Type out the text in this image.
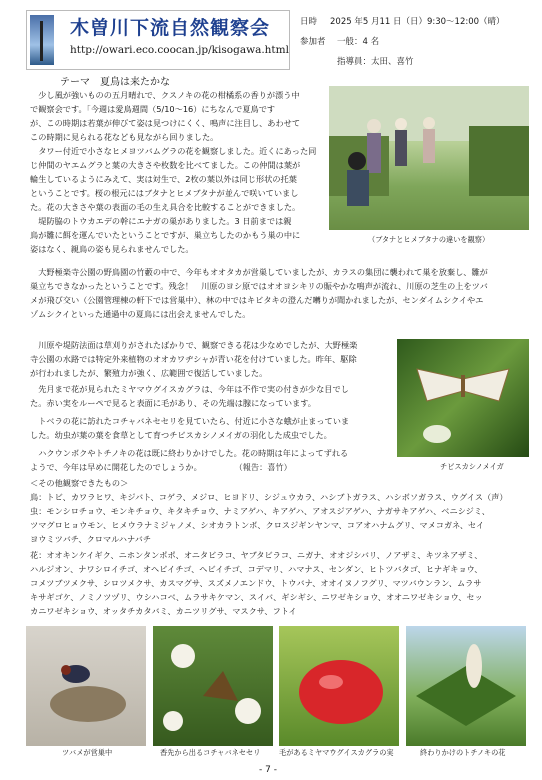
木曽川下流自然観察会
http://owari.eco.coocan.jp/kisogawa.html
日時 2025 年5 月11 日（日）9:30～12:00（晴）
参加者 一般：4 名
指導員：太田、喜竹
テーマ　夏鳥は来たかな
（ブタナとヒメブタナの違いを観察）
　少し風が強いものの五月晴れで、クスノキの花の柑橘系の香りが漂う中
で観察会です。「今週は愛鳥週間（5/10～16）にちなんで夏鳥です
が、この時期は若葉が伸びて姿は見つけにくく、鳴声に注目し、あわせて
この時期に見られる花なども見ながら回りました。
　タワー付近で小さなヒメヨツバムグラの花を観察しました。近くにあった同
じ仲間のヤエムグラと葉の大きさや枚数を比べてました。この仲間は葉が
輪生しているようにみえて、実は対生で、2枚の葉以外は同じ形状の托葉
ということです。桜の根元にはブタナとヒメブタナが並んで咲いていまし
た。花の大きさや葉の表面の毛の生え具合を比較することができました。
　堤防脇のトウカエデの幹にエナガの巣がありました。3 日前までは親
鳥が雛に餌を運んでいたということですが、巣立ちしたのかもう巣の中に
姿はなく、親鳥の姿も見られませんでした。
　大野極楽寺公園の野鳥園の竹藪の中で、今年もオオタカが営巣していましたが、カラスの集団に襲われて巣を放棄し、雛が
巣立ちできなかったということです。残念！　川原のヨシ原ではオオヨシキリの賑やかな鳴声が流れ、川原の芝生の上をツバ
メが飛び交い（公園管理棟の軒下では営巣中）、林の中ではキビタキの澄んだ囀りが聞かれましたが、センダイムシクイやエ
ゾムシクイといった通過中の夏鳥には出会えませんでした。
チビスカシノメイガ
　川原や堤防法面は草刈りがされたばかりで、観察できる花は少なめでしたが、大野極楽
寺公園の水路では特定外来植物のオオカワヂシャが青い花を付けていました。昨年、駆除
が行われましたが、繁殖力が強く、広範囲で復活していました。
　先月まで花が見られたミヤマウグイスカグラは、今年は不作で実の付きが少な目でし
た。赤い実をルーペで見ると表面に毛があり、その先端は腺になっています。
　トベラの花に訪れたコチャバネセセリを見ていたら、付近に小さな蛾が止まっていま
した。幼虫が葉の葉を食草として育つチビスカシノメイガの羽化した成虫でした。
　ハクウンボクやトチノキの花は既に終わりかけでした。花の時期は年によってずれる
ようで、今年は早めに開花したのでしょうか。　　　　　（報告：喜竹）
＜その他観察できたもの＞
鳥：トビ、カワラヒワ、キジバト、コゲラ、メジロ、ヒヨドリ、シジュウカラ、ハシブトガラス、ハシボソガラス、ウグイス（声）
虫：モンシロチョウ、モンキチョウ、キタキチョウ、ナミアゲハ、キアゲハ、アオスジアゲハ、ナガサキアゲハ、ベニシジミ、
ツマグロヒョウモン、ヒメウラナミジャノメ、シオカラトンボ、クロスジギンヤンマ、コアオハナムグリ、マメコガネ、セイ
ヨウミツバチ、クロマルハナバチ
花：オオキンケイギク、ニホンタンポポ、オニタビラコ、ヤブタビラコ、ニガナ、オオジシバリ、ノアザミ、キツネアザミ、
ハルジオン、ナワシロイチゴ、オヘビイチゴ、ヘビイチゴ、コデマリ、ハマナス、センダン、ヒトツバタゴ、ヒナギキョウ、
コメツブツメクサ、シロツメクサ、カスマグサ、スズメノエンドウ、トウバナ、オオイヌノフグリ、マツバウンラン、ムラサ
キサギゴケ、ノミノツヅリ、ウシハコベ、ムラサキケマン、スイバ、ギシギシ、ニワゼキショウ、オオニワゼキショウ、セッ
カニワゼキショウ、オッタチカタバミ、カニツリグサ、マスクサ、フトイ
ツバメが営巣中	香先から出るコチャバネセセリ	毛があるミヤマウグイスカグラの実	終わりかけのトチノキの花
- 7 -
